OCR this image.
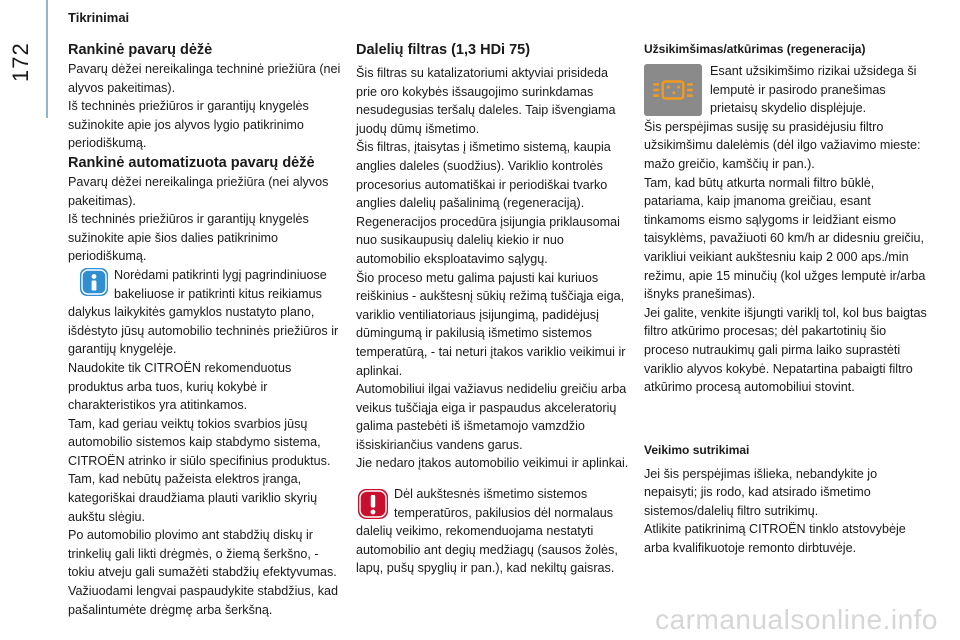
172
Tikrinimai
Rankinė pavarų dėžė

Pavarų dėžei nereikalinga techninė priežiūra (nei alyvos pakeitimas).

Iš techninės priežiūros ir garantijų knygelės sužinokite apie jos alyvos lygio patikrinimo periodiškumą.

Rankinė automatizuota pavarų dėžė

Pavarų dėžei nereikalinga priežiūra (nei alyvos pakeitimas).

Iš techninės priežiūros ir garantijų knygelės sužinokite apie šios dalies patikrinimo periodiškumą.

Norėdami patikrinti lygį pagrindiniuose bakeliuose ir patikrinti kitus reikiamus dalykus laikykitės gamyklos nustatyto plano, išdėstyto jūsų automobilio techninės priežiūros ir garantijų knygelėje.

Naudokite tik CITROËN rekomenduotus produktus arba tuos, kurių kokybė ir charakteristikos yra atitinkamos.

Tam, kad geriau veiktų tokios svarbios jūsų automobilio sistemos kaip stabdymo sistema, CITROËN atrinko ir siūlo specifinius produktus.

Tam, kad nebūtų pažeista elektros įranga, kategoriškai draudžiama plauti variklio skyrių aukštu slėgiu.

Po automobilio plovimo ant stabdžių diskų ir trinkelių gali likti drėgmės, o žiemą šerkšno, - tokiu atveju gali sumažėti stabdžių efektyvumas. Važiuodami lengvai paspaudykite stabdžius, kad pašalintumėte drėgmę arba šerkšną.

Dalelių filtras (1,3 HDi 75)

Šis filtras su katalizatoriumi aktyviai prisideda prie oro kokybės išsaugojimo surinkdamas nesudegusias teršalų daleles. Taip išvengiama juodų dūmų išmetimo.

Šis filtras, įtaisytas į išmetimo sistemą, kaupia anglies daleles (suodžius). Variklio kontrolės procesorius automatiškai ir periodiškai tvarko anglies dalelių pašalinimą (regeneraciją).

Regeneracijos procedūra įsijungia priklausomai nuo susikaupusių dalelių kiekio ir nuo automobilio eksploatavimo sąlygų.

Šio proceso metu galima pajusti kai kuriuos reiškinius - aukštesnį sūkių režimą tuščiąja eiga, variklio ventiliatoriaus įsijungimą, padidėjusį dūmingumą ir pakilusią išmetimo sistemos temperatūrą, - tai neturi įtakos variklio veikimui ir aplinkai.

Automobiliui ilgai važiavus nedideliu greičiu arba veikus tuščiąja eiga ir paspaudus akceleratorių galima pastebėti iš išmetamojo vamzdžio išsiskiriančius vandens garus.

Jie nedaro įtakos automobilio veikimui ir aplinkai.

Dėl aukštesnės išmetimo sistemos temperatūros, pakilusios dėl normalaus dalelių veikimo, rekomenduojama nestatyti automobilio ant degių medžiagų (sausos žolės, lapų, pušų spyglių ir pan.), kad nekiltų gaisras.

Užsikimšimas/atkūrimas (regeneracija)

Esant užsikimšimo rizikai užsidega ši lemputė ir pasirodo pranešimas prietaisų skydelio displėjuje.

Šis perspėjimas susiję su prasidėjusiu filtro užsikimšimu dalelėmis (dėl ilgo važiavimo mieste: mažo greičio, kamščių ir pan.).

Tam, kad būtų atkurta normali filtro būklė, patariama, kaip įmanoma greičiau, esant tinkamoms eismo sąlygoms ir leidžiant eismo taisyklėms, pavažiuoti 60 km/h ar didesniu greičiu, varikliui veikiant aukštesniu kaip 2 000 aps./min režimu, apie 15 minučių (kol užges lemputė ir/arba išnyks pranešimas).

Jei galite, venkite išjungti variklį tol, kol bus baigtas filtro atkūrimo procesas; dėl pakartotinių šio proceso nutraukimų gali pirma laiko suprastėti variklio alyvos kokybė. Nepatartina pabaigti filtro atkūrimo procesą automobiliui stovint.

Veikimo sutrikimai

Jei šis perspėjimas išlieka, nebandykite jo nepaisyti; jis rodo, kad atsirado išmetimo sistemos/dalelių filtro sutrikimų.

Atlikite patikrinimą CITROËN tinklo atstovybėje arba kvalifikuotoje remonto dirbtuvėje.

carmanualsonline.info
